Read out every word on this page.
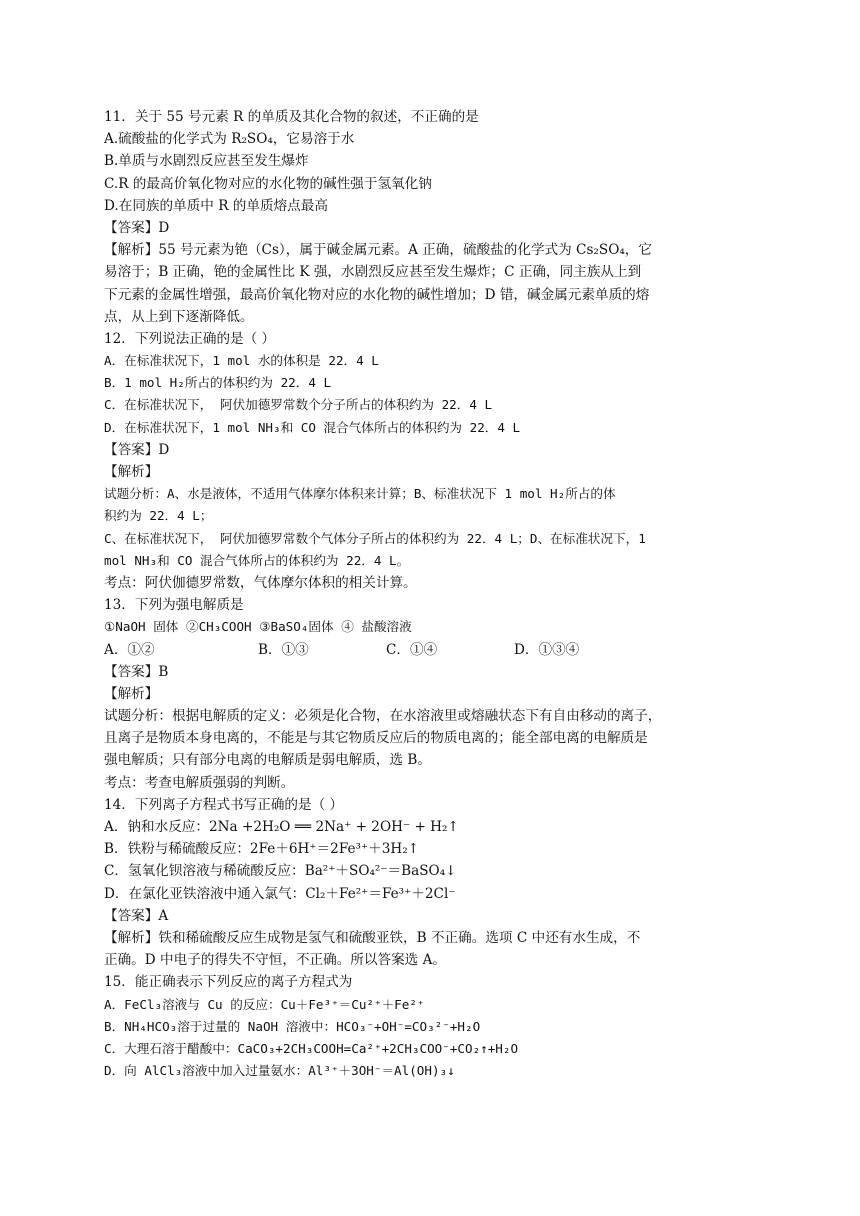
11．关于 55 号元素 R 的单质及其化合物的叙述，不正确的是
A.硫酸盐的化学式为 R₂SO₄，它易溶于水
B.单质与水剧烈反应甚至发生爆炸
C.R 的最高价氧化物对应的水化物的碱性强于氢氧化钠
D.在同族的单质中 R 的单质熔点最高
【答案】D
【解析】55 号元素为铯（Cs），属于碱金属元素。A 正确，硫酸盐的化学式为 Cs₂SO₄，它
易溶于；B 正确，铯的金属性比 K 强，水剧烈反应甚至发生爆炸；C 正确，同主族从上到
下元素的金属性增强，最高价氧化物对应的水化物的碱性增加；D 错，碱金属元素单质的熔
点，从上到下逐渐降低。
12．下列说法正确的是（ ）
A．在标准状况下，1 mol 水的体积是 22．4 L
B．1 mol H₂所占的体积约为 22．4 L
C．在标准状况下， 阿伏加德罗常数个分子所占的体积约为 22．4 L
D．在标准状况下，1 mol NH₃和 CO 混合气体所占的体积约为 22．4 L
【答案】D
【解析】
试题分析：A、水是液体，不适用气体摩尔体积来计算；B、标准状况下 1 mol H₂所占的体
积约为 22．4 L；
C、在标准状况下， 阿伏加德罗常数个气体分子所占的体积约为 22．4 L；D、在标准状况下，1
mol NH₃和 CO 混合气体所占的体积约为 22．4 L。
考点：阿伏伽德罗常数，气体摩尔体积的相关计算。
13．下列为强电解质是
①NaOH 固体 ②CH₃COOH ③BaSO₄固体 ④ 盐酸溶液
A．①②	B．①③	C．①④	D．①③④
【答案】B
【解析】
试题分析：根据电解质的定义：必须是化合物，在水溶液里或熔融状态下有自由移动的离子，
且离子是物质本身电离的，不能是与其它物质反应后的物质电离的；能全部电离的电解质是
强电解质；只有部分电离的电解质是弱电解质，选 B。
考点：考查电解质强弱的判断。
14．下列离子方程式书写正确的是（ ）
A．钠和水反应：2Na +2H₂O ══ 2Na⁺ + 2OH⁻ + H₂↑
B．铁粉与稀硫酸反应：2Fe＋6H⁺＝2Fe³⁺＋3H₂↑
C．氢氧化钡溶液与稀硫酸反应：Ba²⁺＋SO₄²⁻＝BaSO₄↓
D．在氯化亚铁溶液中通入氯气：Cl₂＋Fe²⁺＝Fe³⁺＋2Cl⁻
【答案】A
【解析】铁和稀硫酸反应生成物是氢气和硫酸亚铁，B 不正确。选项 C 中还有水生成，不
正确。D 中电子的得失不守恒，不正确。所以答案选 A。
15．能正确表示下列反应的离子方程式为
A．FeCl₃溶液与 Cu 的反应：Cu＋Fe³⁺＝Cu²⁺＋Fe²⁺
B．NH₄HCO₃溶于过量的 NaOH 溶液中：HCO₃⁻+OH⁻=CO₃²⁻+H₂O
C．大理石溶于醋酸中：CaCO₃+2CH₃COOH=Ca²⁺+2CH₃COO⁻+CO₂↑+H₂O
D．向 AlCl₃溶液中加入过量氨水：Al³⁺＋3OH⁻＝Al(OH)₃↓
